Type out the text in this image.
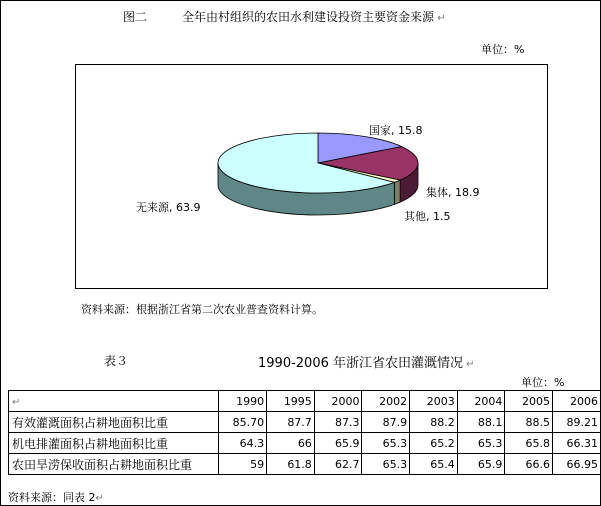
图二	全年由村组织的农田水利建设投资主要资金来源 ↵
单位：%
国家, 15.8
集体, 18.9
其他, 1.5
无来源, 63.9
资料来源：根据浙江省第二次农业普查资料计算。
表３	1990-2006 年浙江省农田灌溉情况 ↵
单位：%
↵	1990	1995	2000	2002	2003	2004	2005	2006
有效灌溉面积占耕地面积比重	85.70	87.7	87.3	87.9	88.2	88.1	88.5	89.21
机电排灌面积占耕地面积比重	64.3	66	65.9	65.3	65.2	65.3	65.8	66.31
农田旱涝保收面积占耕地面积比重	59	61.8	62.7	65.3	65.4	65.9	66.6	66.95
资料来源：同表 2↵
